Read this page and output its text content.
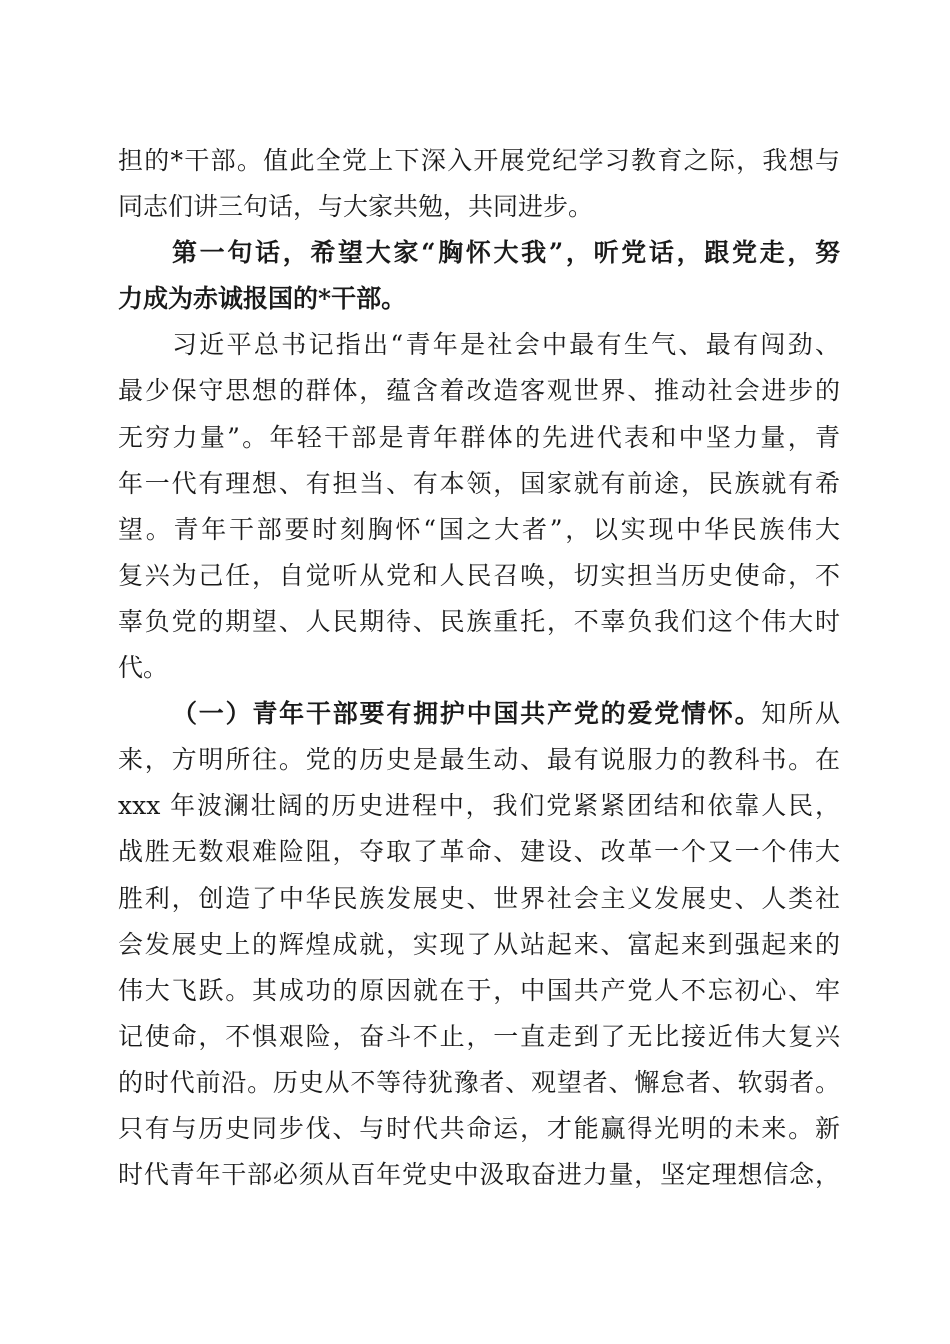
担的*干部。值此全党上下深入开展党纪学习教育之际，我想与
同志们讲三句话，与大家共勉，共同进步。
第一句话，希望大家“胸怀大我”，听党话，跟党走，努
力成为赤诚报国的*干部。
习近平总书记指出“青年是社会中最有生气、最有闯劲、
最少保守思想的群体，蕴含着改造客观世界、推动社会进步的
无穷力量”。年轻干部是青年群体的先进代表和中坚力量，青
年一代有理想、有担当、有本领，国家就有前途，民族就有希
望。青年干部要时刻胸怀“国之大者”，以实现中华民族伟大
复兴为己任，自觉听从党和人民召唤，切实担当历史使命，不
辜负党的期望、人民期待、民族重托，不辜负我们这个伟大时
代。
（一）青年干部要有拥护中国共产党的爱党情怀。知所从
来，方明所往。党的历史是最生动、最有说服力的教科书。在
xxx 年波澜壮阔的历史进程中，我们党紧紧团结和依靠人民，
战胜无数艰难险阻，夺取了革命、建设、改革一个又一个伟大
胜利，创造了中华民族发展史、世界社会主义发展史、人类社
会发展史上的辉煌成就，实现了从站起来、富起来到强起来的
伟大飞跃。其成功的原因就在于，中国共产党人不忘初心、牢
记使命，不惧艰险，奋斗不止，一直走到了无比接近伟大复兴
的时代前沿。历史从不等待犹豫者、观望者、懈怠者、软弱者。
只有与历史同步伐、与时代共命运，才能赢得光明的未来。新
时代青年干部必须从百年党史中汲取奋进力量，坚定理想信念，
